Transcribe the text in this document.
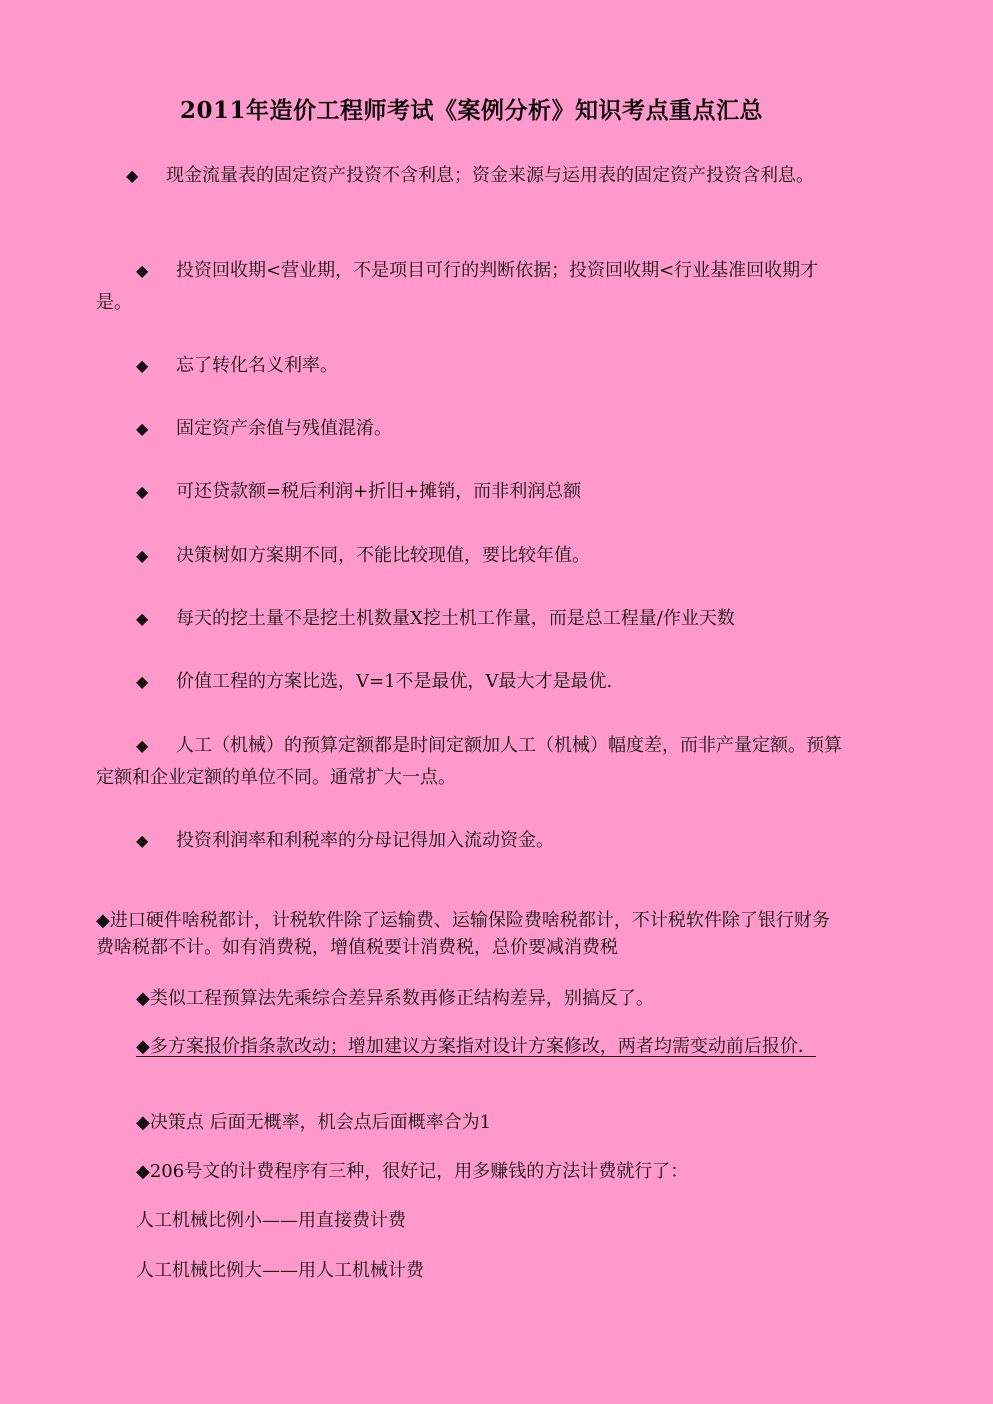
2011年造价工程师考试《案例分析》知识考点重点汇总

◆ 现金流量表的固定资产投资不含利息；资金来源与运用表的固定资产投资含利息。

◆ 投资回收期<营业期，不是项目可行的判断依据；投资回收期<行业基准回收期才是。

◆ 忘了转化名义利率。

◆ 固定资产余值与残值混淆。

◆ 可还贷款额=税后利润+折旧+摊销，而非利润总额

◆ 决策树如方案期不同，不能比较现值，要比较年值。

◆ 每天的挖土量不是挖土机数量X挖土机工作量，而是总工程量/作业天数

◆ 价值工程的方案比选，V=1不是最优，V最大才是最优.

◆ 人工（机械）的预算定额都是时间定额加人工（机械）幅度差，而非产量定额。预算定额和企业定额的单位不同。通常扩大一点。

◆ 投资利润率和利税率的分母记得加入流动资金。

◆进口硬件啥税都计，计税软件除了运输费、运输保险费啥税都计，不计税软件除了银行财务费啥税都不计。如有消费税，增值税要计消费税，总价要减消费税

◆类似工程预算法先乘综合差异系数再修正结构差异，别搞反了。

◆多方案报价指条款改动；增加建议方案指对设计方案修改，两者均需变动前后报价．

◆决策点 后面无概率，机会点后面概率合为1

◆206号文的计费程序有三种，很好记，用多赚钱的方法计费就行了：

人工机械比例小——用直接费计费

人工机械比例大——用人工机械计费
